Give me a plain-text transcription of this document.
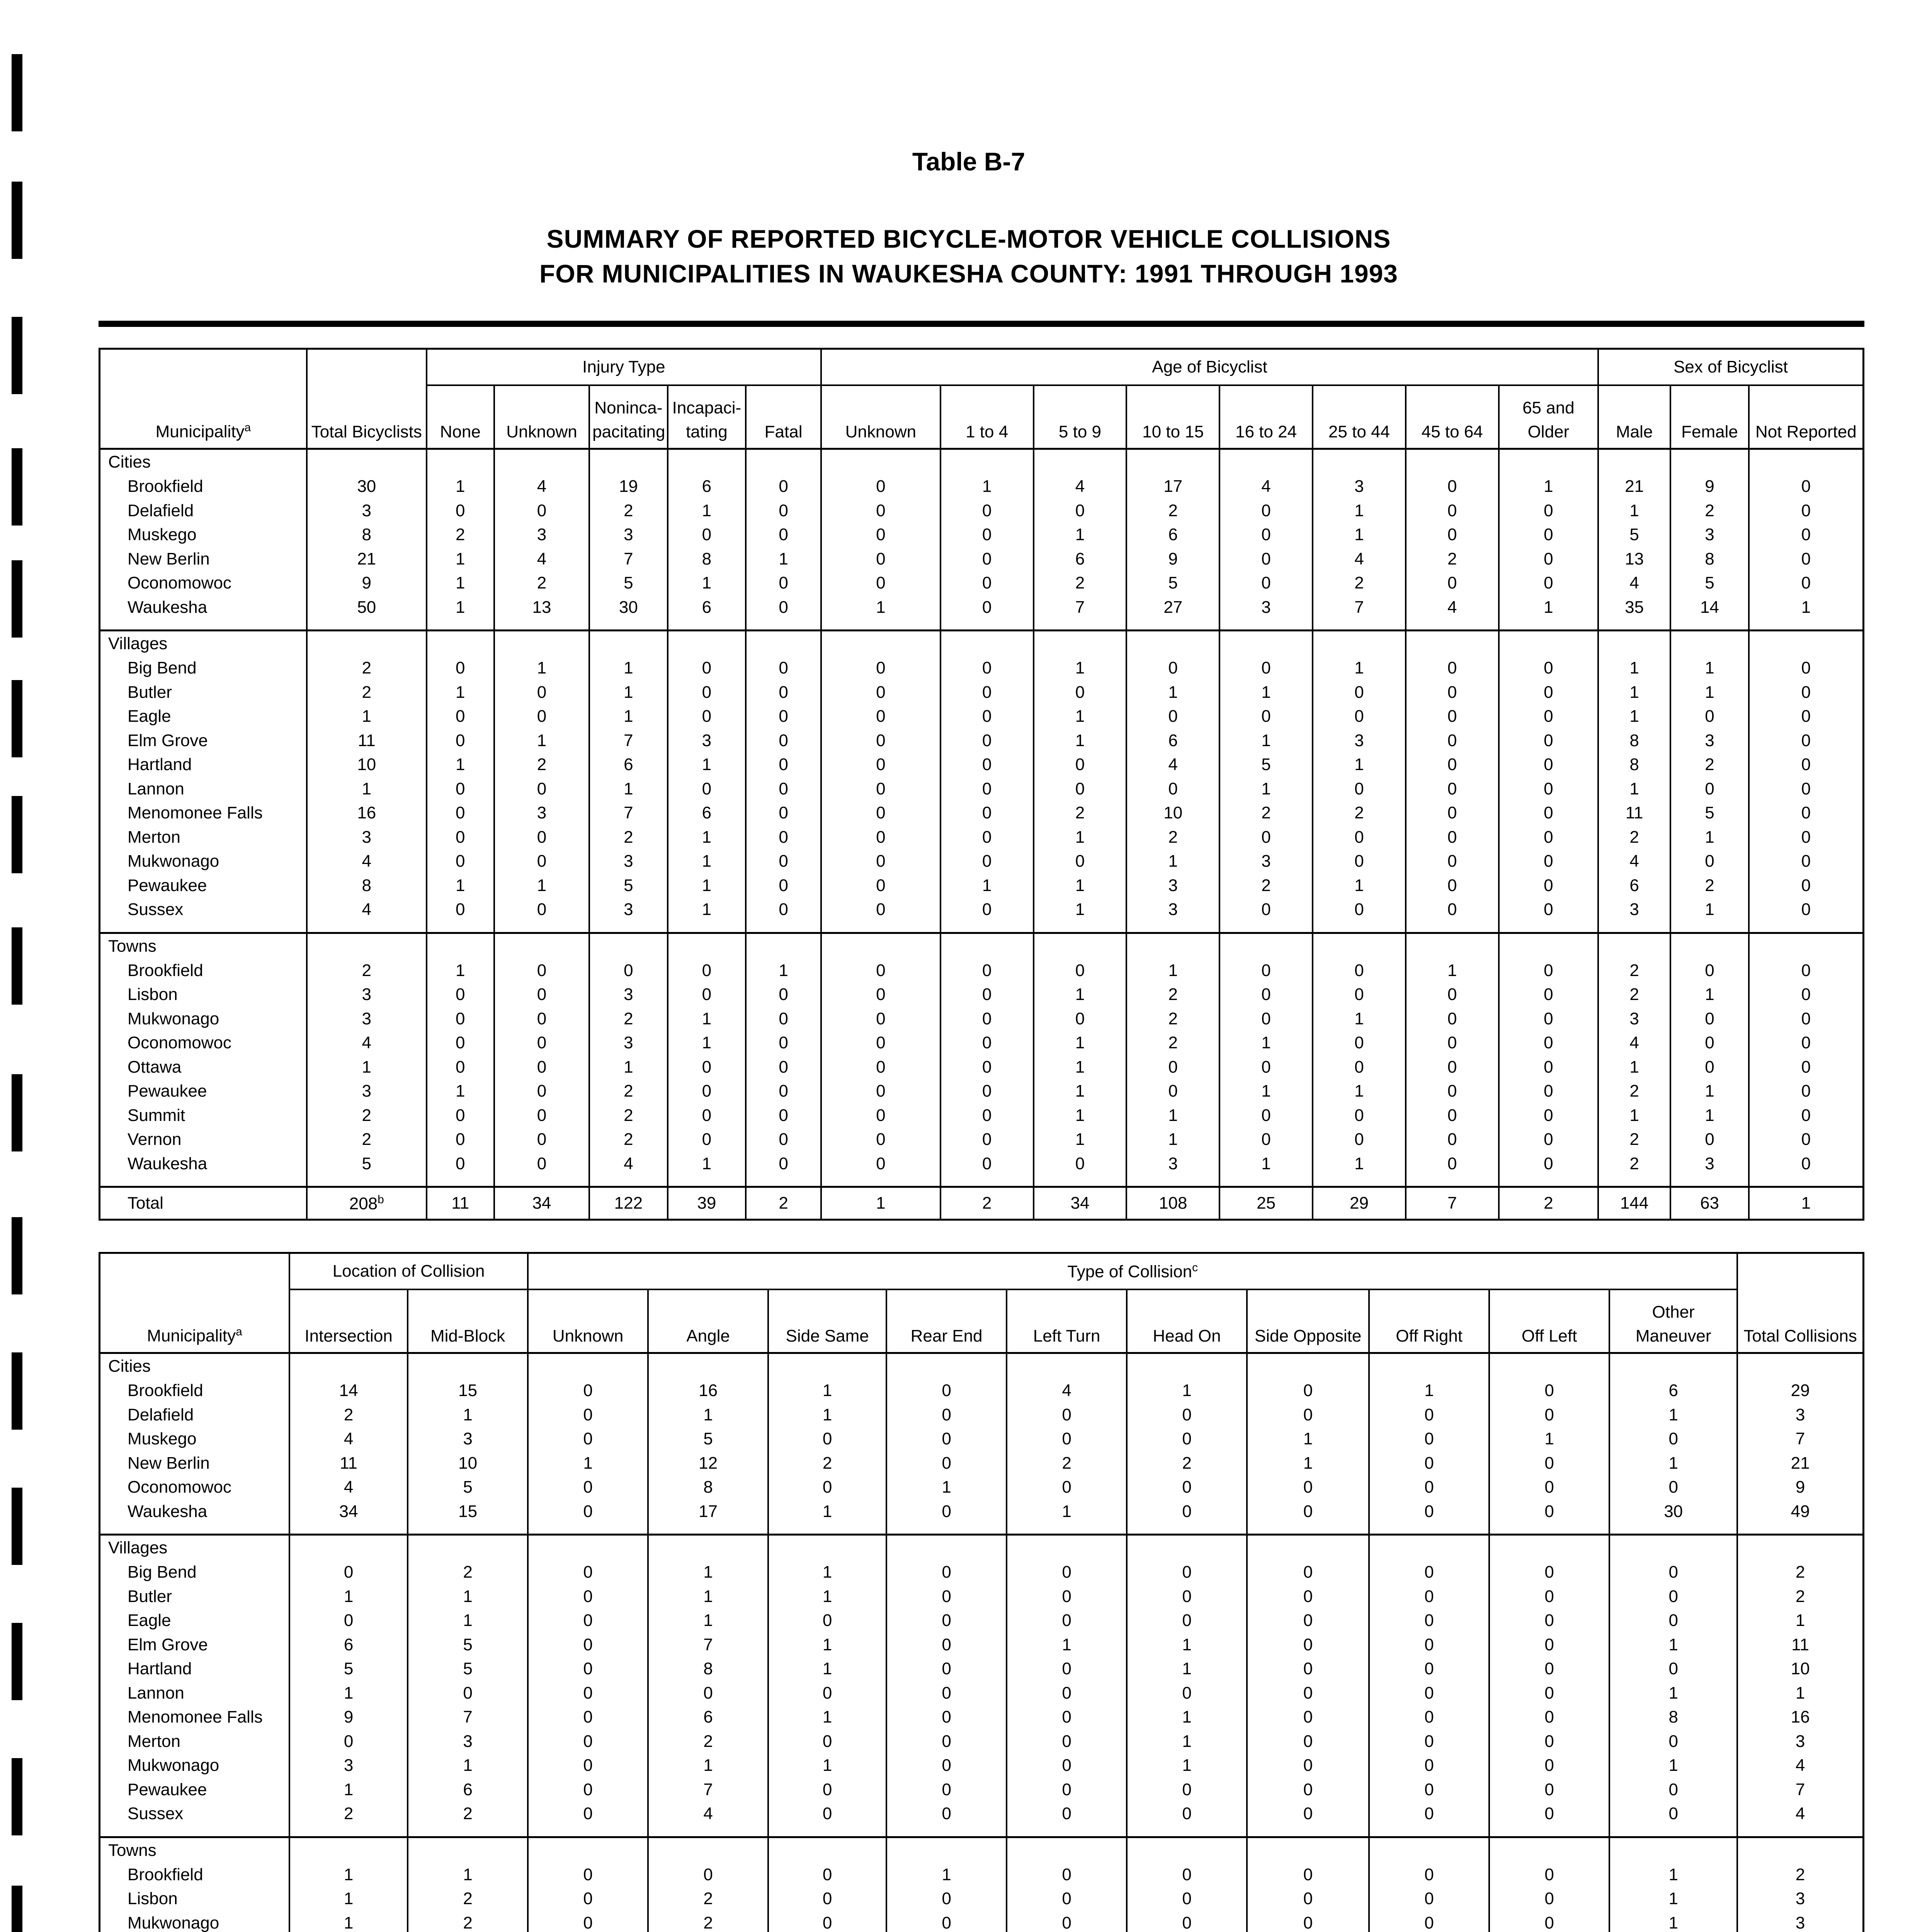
Table B-7
SUMMARY OF REPORTED BICYCLE-MOTOR VEHICLE COLLISIONS
FOR MUNICIPALITIES IN WAUKESHA COUNTY: 1991 THROUGH 1993
		Injury Type					Age of Bicyclist								Sex of Bicyclist		
Municipality$^a$	Total Bicyclists	None	Unknown	Noninca-pacitating	Incapaci-tating	Fatal	Unknown	1 to 4	5 to 9	10 to 15	16 to 24	25 to 44	45 to 64	65 and Older	Male	Female	Not Reported
Cities																	
Brookfield	30	1	4	19	6	0	0	1	4	17	4	3	0	1	21	9	0
Delafield	3	0	0	2	1	0	0	0	0	2	0	1	0	0	1	2	0
Muskego	8	2	3	3	0	0	0	0	1	6	0	1	0	0	5	3	0
New Berlin	21	1	4	7	8	1	0	0	6	9	0	4	2	0	13	8	0
Oconomowoc	9	1	2	5	1	0	0	0	2	5	0	2	0	0	4	5	0
Waukesha	50	1	13	30	6	0	1	0	7	27	3	7	4	1	35	14	1

Villages																	
Big Bend	2	0	1	1	0	0	0	0	1	0	0	1	0	0	1	1	0
Butler	2	1	0	1	0	0	0	0	0	1	1	0	0	0	1	1	0
Eagle	1	0	0	1	0	0	0	0	1	0	0	0	0	0	1	0	0
Elm Grove	11	0	1	7	3	0	0	0	1	6	1	3	0	0	8	3	0
Hartland	10	1	2	6	1	0	0	0	0	4	5	1	0	0	8	2	0
Lannon	1	0	0	1	0	0	0	0	0	0	1	0	0	0	1	0	0
Menomonee Falls	16	0	3	7	6	0	0	0	2	10	2	2	0	0	11	5	0
Merton	3	0	0	2	1	0	0	0	1	2	0	0	0	0	2	1	0
Mukwonago	4	0	0	3	1	0	0	0	0	1	3	0	0	0	4	0	0
Pewaukee	8	1	1	5	1	0	0	1	1	3	2	1	0	0	6	2	0
Sussex	4	0	0	3	1	0	0	0	1	3	0	0	0	0	3	1	0

Towns																	
Brookfield	2	1	0	0	0	1	0	0	0	1	0	0	1	0	2	0	0
Lisbon	3	0	0	3	0	0	0	0	1	2	0	0	0	0	2	1	0
Mukwonago	3	0	0	2	1	0	0	0	0	2	0	1	0	0	3	0	0
Oconomowoc	4	0	0	3	1	0	0	0	1	2	1	0	0	0	4	0	0
Ottawa	1	0	0	1	0	0	0	0	1	0	0	0	0	0	1	0	0
Pewaukee	3	1	0	2	0	0	0	0	1	0	1	1	0	0	2	1	0
Summit	2	0	0	2	0	0	0	0	1	1	0	0	0	0	1	1	0
Vernon	2	0	0	2	0	0	0	0	1	1	0	0	0	0	2	0	0
Waukesha	5	0	0	4	1	0	0	0	0	3	1	1	0	0	2	3	0

Total	208$^b$	11	34	122	39	2	1	2	34	108	25	29	7	2	144	63	1
	Location of Collision		Type of Collision$^c$	
Municipality$^a$	Intersection	Mid-Block	Unknown	Angle	Side Same	Rear End	Left Turn	Head On	Side Opposite	Off Right	Off Left	Other Maneuver	Total Collisions
Cities													
Brookfield	14	15	0	16	1	0	4	1	0	1	0	6	29
Delafield	2	1	0	1	1	0	0	0	0	0	0	1	3
Muskego	4	3	0	5	0	0	0	0	1	0	1	0	7
New Berlin	11	10	1	12	2	0	2	2	1	0	0	1	21
Oconomowoc	4	5	0	8	0	1	0	0	0	0	0	0	9
Waukesha	34	15	0	17	1	0	1	0	0	0	0	30	49

Villages													
Big Bend	0	2	0	1	1	0	0	0	0	0	0	0	2
Butler	1	1	0	1	1	0	0	0	0	0	0	0	2
Eagle	0	1	0	1	0	0	0	0	0	0	0	0	1
Elm Grove	6	5	0	7	1	0	1	1	0	0	0	1	11
Hartland	5	5	0	8	1	0	0	1	0	0	0	0	10
Lannon	1	0	0	0	0	0	0	0	0	0	0	1	1
Menomonee Falls	9	7	0	6	1	0	0	1	0	0	0	8	16
Merton	0	3	0	2	0	0	0	1	0	0	0	0	3
Mukwonago	3	1	0	1	1	0	0	1	0	0	0	1	4
Pewaukee	1	6	0	7	0	0	0	0	0	0	0	0	7
Sussex	2	2	0	4	0	0	0	0	0	0	0	0	4

Towns													
Brookfield	1	1	0	0	0	1	0	0	0	0	0	1	2
Lisbon	1	2	0	2	0	0	0	0	0	0	0	1	3
Mukwonago	1	2	0	2	0	0	0	0	0	0	0	1	3
